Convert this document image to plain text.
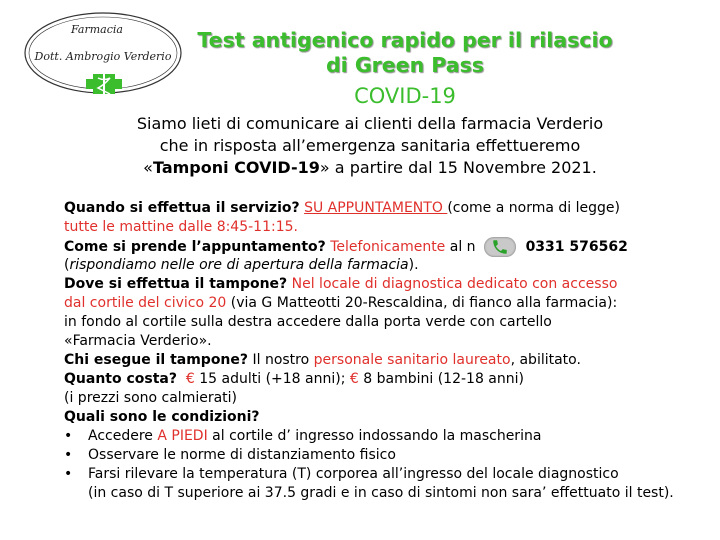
Farmacia
Dott. Ambrogio Verderio
Test antigenico rapido per il rilascio
di Green Pass
COVID-19
Siamo lieti di comunicare ai clienti della farmacia Verderio
che in risposta all’emergenza sanitaria effettueremo
«Tamponi COVID-19» a partire dal 15 Novembre 2021.
Quando si effettua il servizio? SU APPUNTAMENTO (come a norma di legge)
tutte le mattine dalle 8:45-11:15.
Come si prende l’appuntamento? Telefonicamente al n	0331 576562
(rispondiamo nelle ore di apertura della farmacia).
Dove si effettua il tampone? Nel locale di diagnostica dedicato con accesso
dal cortile del civico 20 (via G Matteotti 20-Rescaldina, di fianco alla farmacia):
in fondo al cortile sulla destra accedere dalla porta verde con cartello
«Farmacia Verderio».
Chi esegue il tampone? Il nostro personale sanitario laureato, abilitato.
Quanto costa? € 15 adulti (+18 anni); € 8 bambini (12-18 anni)
(i prezzi sono calmierati)
Quali sono le condizioni?
• Accedere A PIEDI al cortile d’ ingresso indossando la mascherina
• Osservare le norme di distanziamento fisico
• Farsi rilevare la temperatura (T) corporea all’ingresso del locale diagnostico
(in caso di T superiore ai 37.5 gradi e in caso di sintomi non sara’ effettuato il test).
